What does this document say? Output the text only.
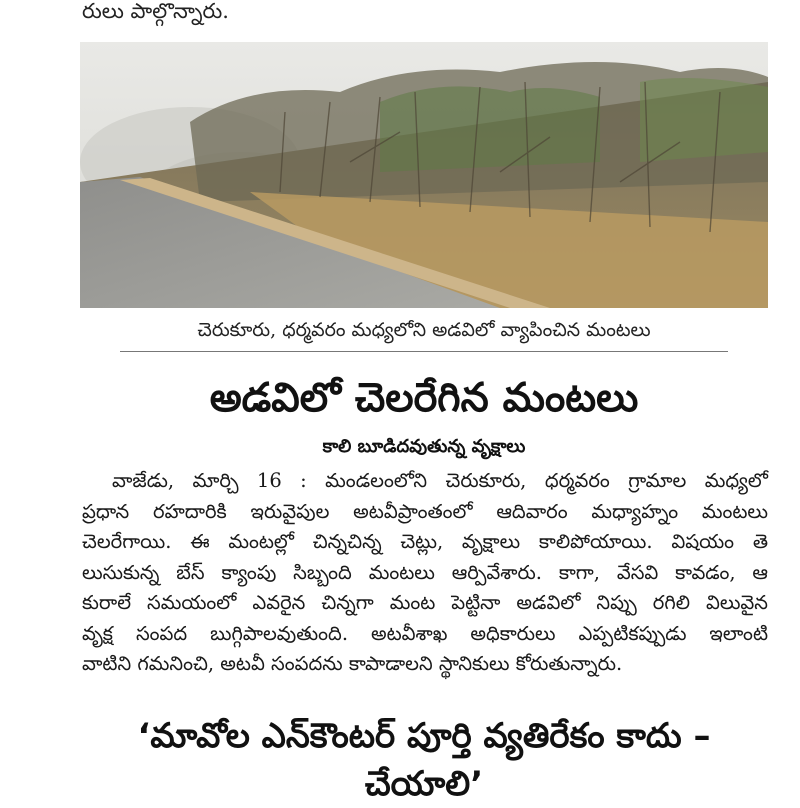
రులు పాల్గొన్నారు.
చెరుకూరు, ధర్మవరం మధ్యలోని అడవిలో వ్యాపించిన మంటలు
అడవిలో చెలరేగిన మంటలు
కాలి బూడిదవుతున్న వృక్షాలు
వాజేడు, మార్చి 16 : మండలంలోని చెరుకూరు, ధర్మవరం గ్రామాల మధ్యలో
ప్రధాన రహదారికి ఇరువైపుల అటవీప్రాంతంలో ఆదివారం మధ్యాహ్నం మంటలు
చెలరేగాయి. ఈ మంటల్లో చిన్నచిన్న చెట్లు, వృక్షాలు కాలిపోయాయి. విషయం తె
లుసుకున్న బేస్ క్యాంపు సిబ్బంది మంటలు ఆర్పివేశారు. కాగా, వేసవి కావడం, ఆ
కురాలే సమయంలో ఎవరైన చిన్నగా మంట పెట్టినా అడవిలో నిప్పు రగిలి విలువైన
వృక్ష సంపద బుగ్గిపాలవుతుంది. అటవీశాఖ అధికారులు ఎప్పటికప్పుడు ఇలాంటి
వాటిని గమనించి, అటవీ సంపదను కాపాడాలని స్థానికులు కోరుతున్నారు.
‘మావోల ఎన్‌కౌంటర్ పూర్తి వ్యతిరేకం కాదు – చేయాలి’
